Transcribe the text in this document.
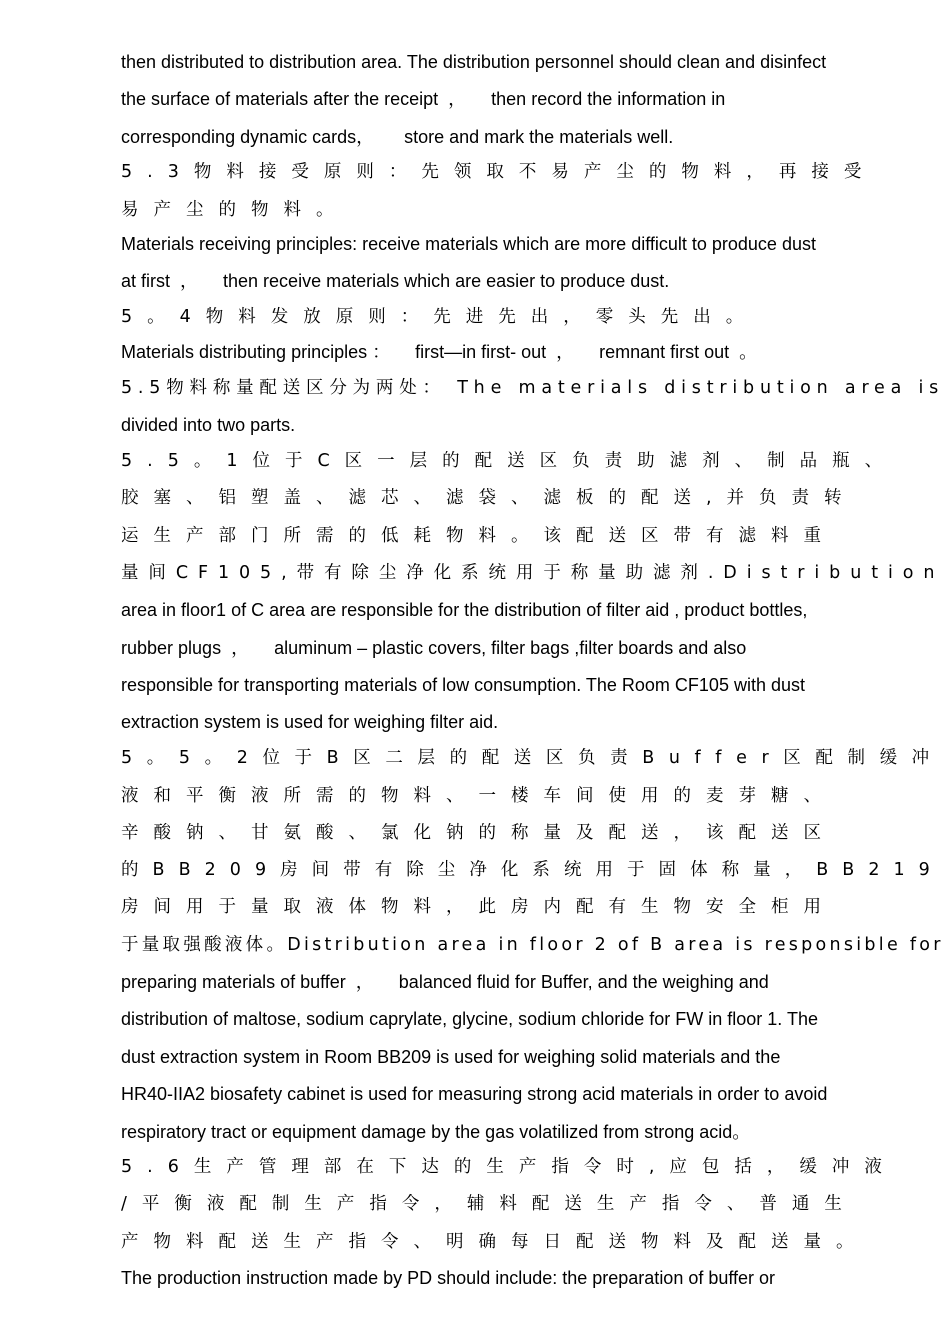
then distributed to distribution area. The distribution personnel should clean and disinfect

the surface of materials after the receipt  ，     then record the information in

corresponding dynamic cards，      store and mark the materials well.

5.3物料接受原则：先领取不易产尘的物料，再接受

易产尘的物料。

Materials receiving principles: receive materials which are more difficult to produce dust

at first  ，     then receive materials which are easier to produce dust.

5。4物料发放原则：先进先出，零头先出。

Materials distributing principles ：     first—in first- out  ，     remnant first out  。

5.5物料称量配送区分为两处： The materials distribution area is

divided into two parts.

5.5。1位于C区一层的配送区负责助滤剂、制品瓶、

胶塞、铝塑盖、滤芯、滤袋、滤板的配送,并负责转

运生产部门所需的低耗物料。该配送区带有滤料重

量间CF105,带有除尘净化系统用于称量助滤剂.Distribution

area in floor1 of C area are responsible for the distribution of filter aid , product bottles,

rubber plugs  ，     aluminum – plastic covers, filter bags ,filter boards and also

responsible for transporting materials of low consumption. The Room CF105 with dust

extraction system is used for weighing filter aid.

5。5。2位于B区二层的配送区负责Buffer区配制缓冲

液和平衡液所需的物料、一楼车间使用的麦芽糖、

辛酸钠、甘氨酸、氯化钠的称量及配送，该配送区

的BB209房间带有除尘净化系统用于固体称量，BB219

房间用于量取液体物料，此房内配有生物安全柜用

于量取强酸液体。Distribution area in floor 2 of B area is responsible for

preparing materials of buffer  ，     balanced fluid for Buffer, and the weighing and

distribution of maltose, sodium caprylate, glycine, sodium chloride for FW in floor 1. The

dust extraction system in Room BB209 is used for weighing solid materials and the

HR40-IIA2 biosafety cabinet is used for measuring strong acid materials in order to avoid

respiratory tract or equipment damage by the gas volatilized from strong acid。

5.6生产管理部在下达的生产指令时,应包括，缓冲液

/平衡液配制生产指令，辅料配送生产指令、普通生

产物料配送生产指令、明确每日配送物料及配送量。

The production instruction made by PD should include: the preparation of buffer or
